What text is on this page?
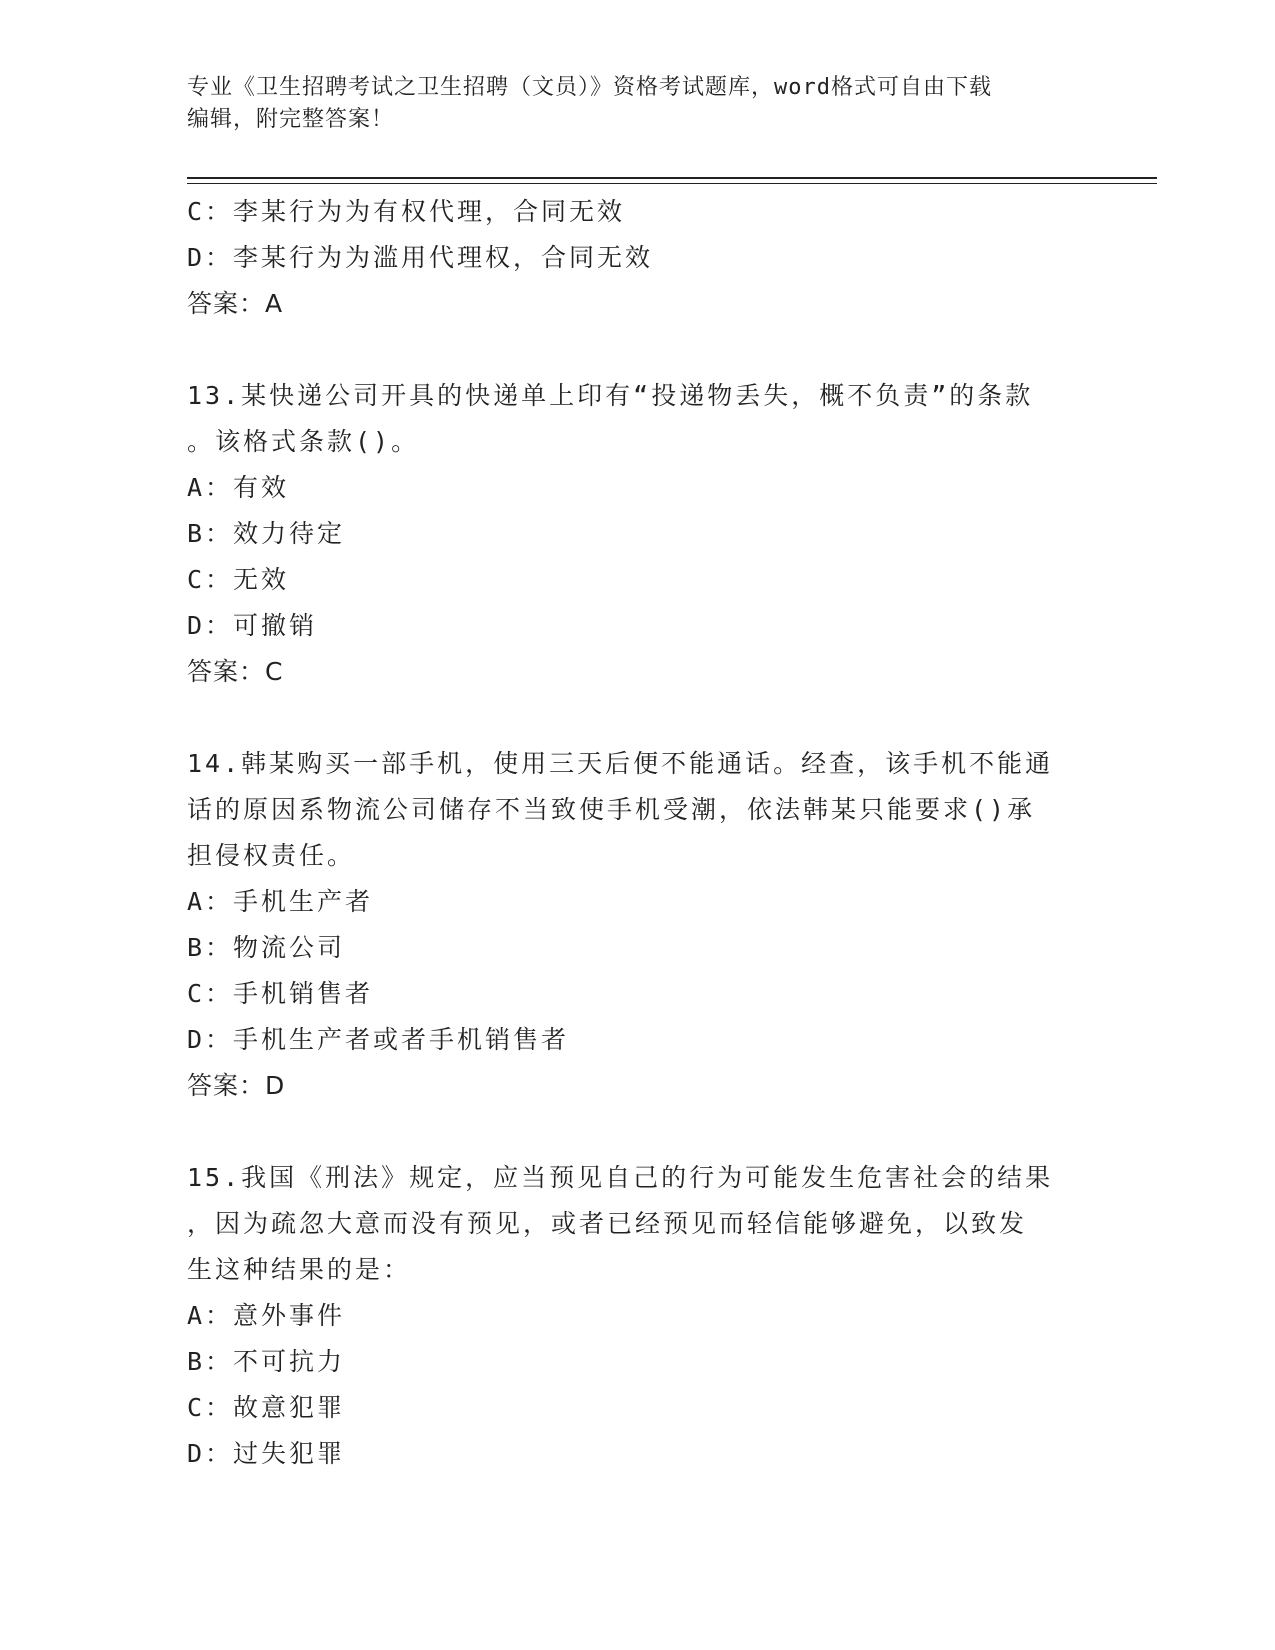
专业《卫生招聘考试之卫生招聘（文员）》资格考试题库，word格式可自由下载
编辑，附完整答案！
C：李某行为为有权代理，合同无效
D：李某行为为滥用代理权，合同无效
答案：A
13.某快递公司开具的快递单上印有“投递物丢失，概不负责”的条款
。该格式条款()。
A：有效
B：效力待定
C：无效
D：可撤销
答案：C
14.韩某购买一部手机，使用三天后便不能通话。经查，该手机不能通
话的原因系物流公司储存不当致使手机受潮，依法韩某只能要求()承
担侵权责任。
A：手机生产者
B：物流公司
C：手机销售者
D：手机生产者或者手机销售者
答案：D
15.我国《刑法》规定，应当预见自己的行为可能发生危害社会的结果
，因为疏忽大意而没有预见，或者已经预见而轻信能够避免，以致发
生这种结果的是：
A：意外事件
B：不可抗力
C：故意犯罪
D：过失犯罪
